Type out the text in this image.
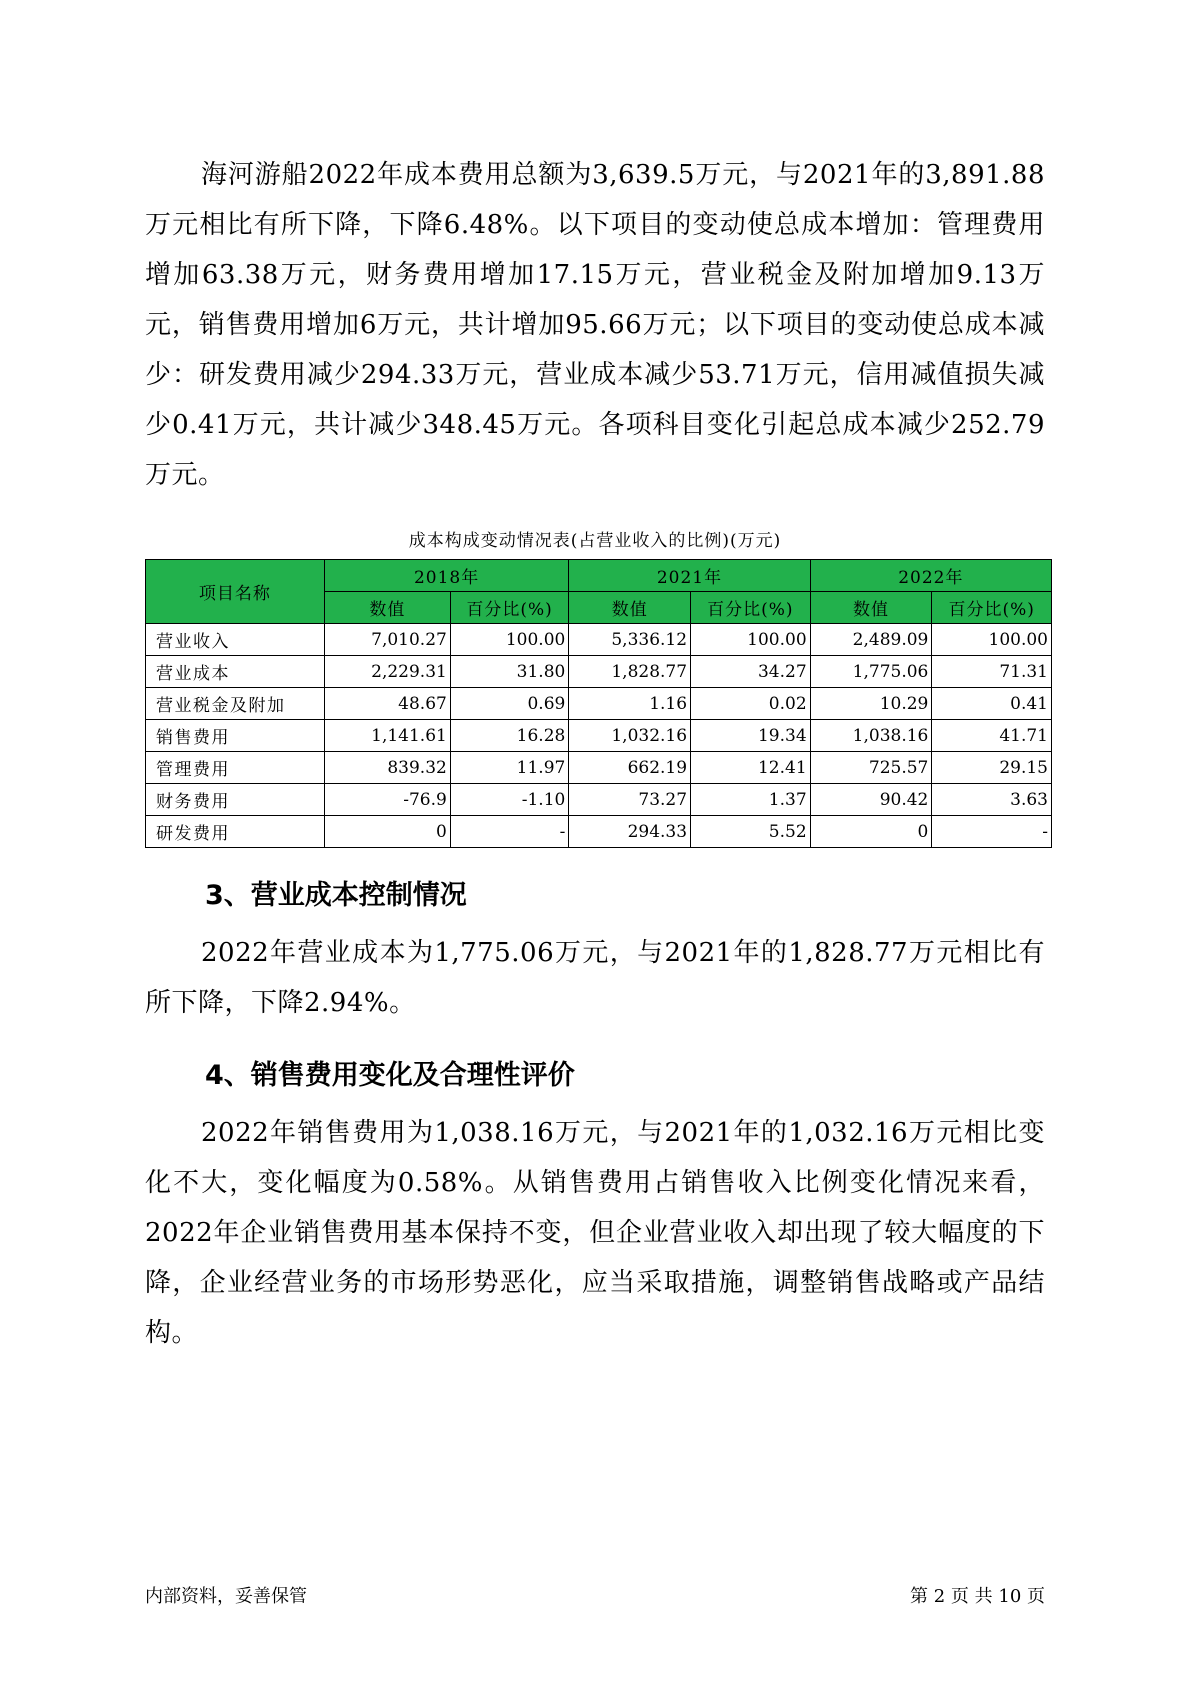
海河游船2022年成本费用总额为3,639.5万元，与2021年的3,891.88万元相比有所下降，下降6.48%。以下项目的变动使总成本增加：管理费用增加63.38万元，财务费用增加17.15万元，营业税金及附加增加9.13万元，销售费用增加6万元，共计增加95.66万元；以下项目的变动使总成本减少：研发费用减少294.33万元，营业成本减少53.71万元，信用减值损失减少0.41万元，共计减少348.45万元。各项科目变化引起总成本减少252.79万元。

成本构成变动情况表(占营业收入的比例)(万元)
项目名称	2018年		2021年		2022年	
	数值	百分比(%)	数值	百分比(%)	数值	百分比(%)
营业收入	7,010.27	100.00	5,336.12	100.00	2,489.09	100.00
营业成本	2,229.31	31.80	1,828.77	34.27	1,775.06	71.31
营业税金及附加	48.67	0.69	1.16	0.02	10.29	0.41
销售费用	1,141.61	16.28	1,032.16	19.34	1,038.16	41.71
管理费用	839.32	11.97	662.19	12.41	725.57	29.15
财务费用	-76.9	-1.10	73.27	1.37	90.42	3.63
研发费用	0	-	294.33	5.52	0	-
3、营业成本控制情况

2022年营业成本为1,775.06万元，与2021年的1,828.77万元相比有所下降，下降2.94%。

4、销售费用变化及合理性评价

2022年销售费用为1,038.16万元，与2021年的1,032.16万元相比变化不大，变化幅度为0.58%。从销售费用占销售收入比例变化情况来看，2022年企业销售费用基本保持不变，但企业营业收入却出现了较大幅度的下降，企业经营业务的市场形势恶化，应当采取措施，调整销售战略或产品结构。

内部资料，妥善保管	第 2 页 共 10 页
